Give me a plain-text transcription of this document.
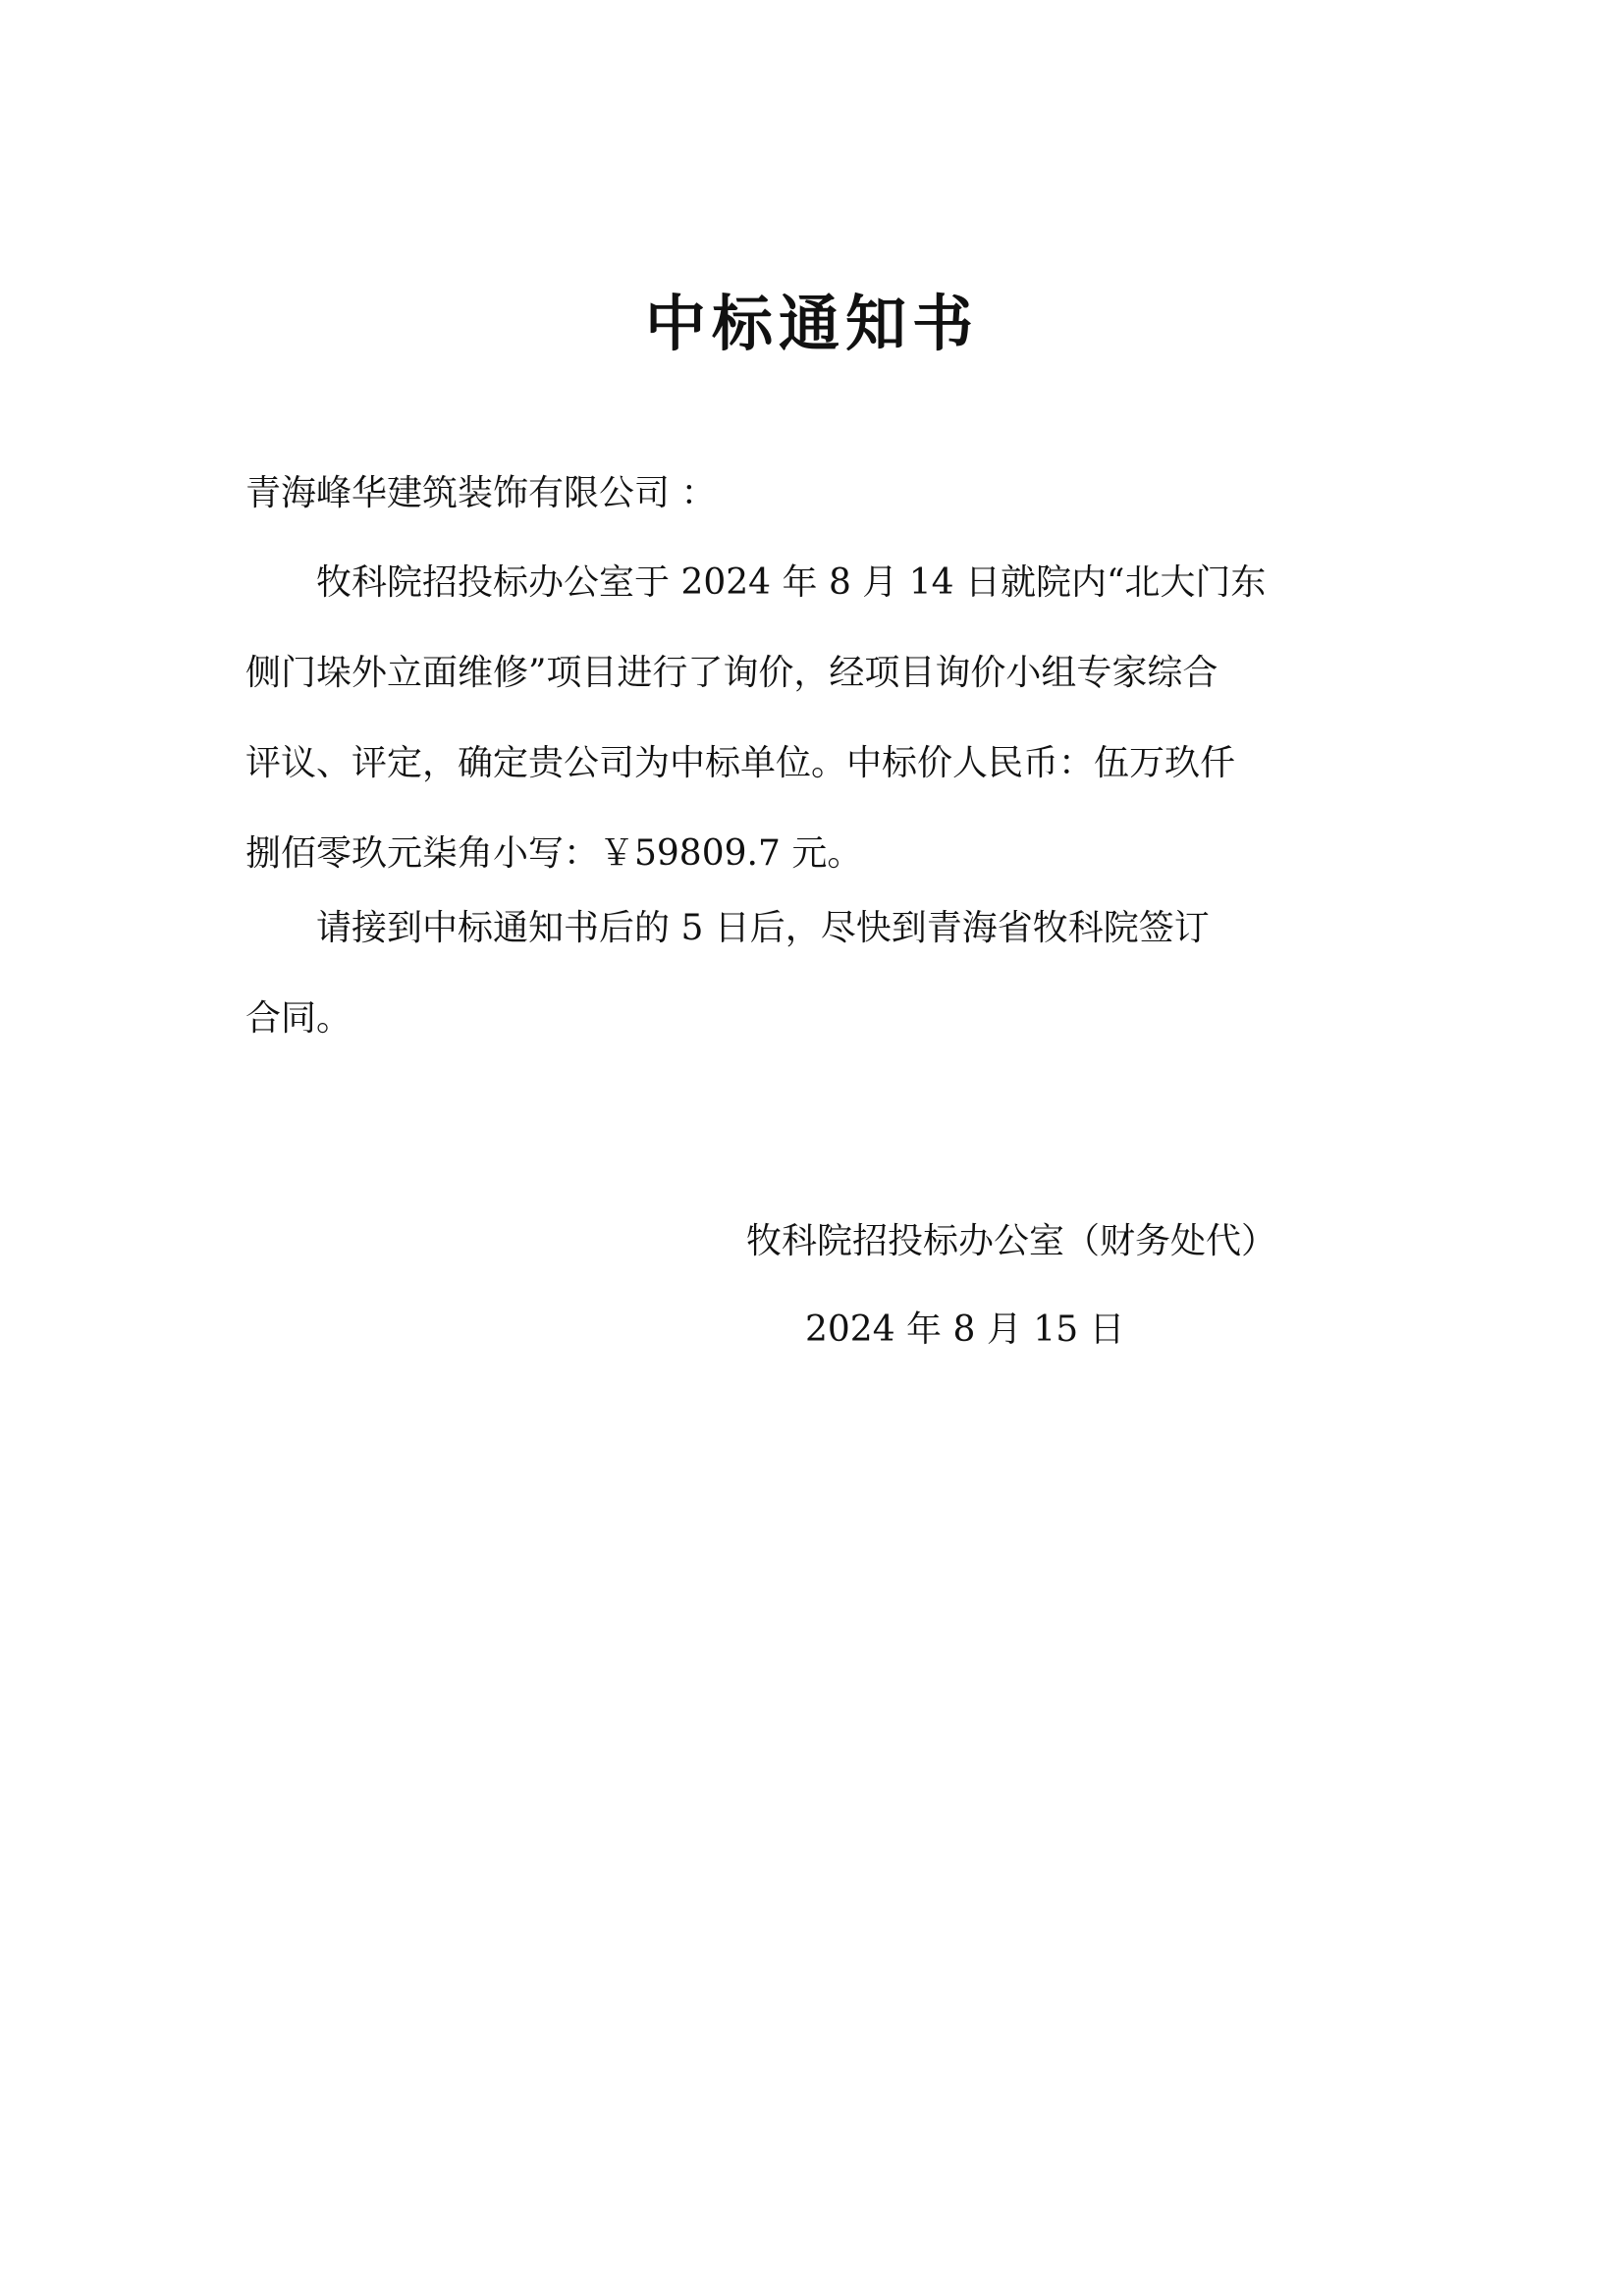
中标通知书
青海峰华建筑装饰有限公司 ：
　　牧科院招投标办公室于 2024 年 8 月 14 日就院内“北大门东
侧门垛外立面维修”项目进行了询价，经项目询价小组专家综合
评议、评定，确定贵公司为中标单位。中标价人民币：伍万玖仟
捌佰零玖元柒角小写：￥59809.7 元。
　　请接到中标通知书后的 5 日后，尽快到青海省牧科院签订
合同。
牧科院招投标办公室（财务处代）
2024 年 8 月 15 日
